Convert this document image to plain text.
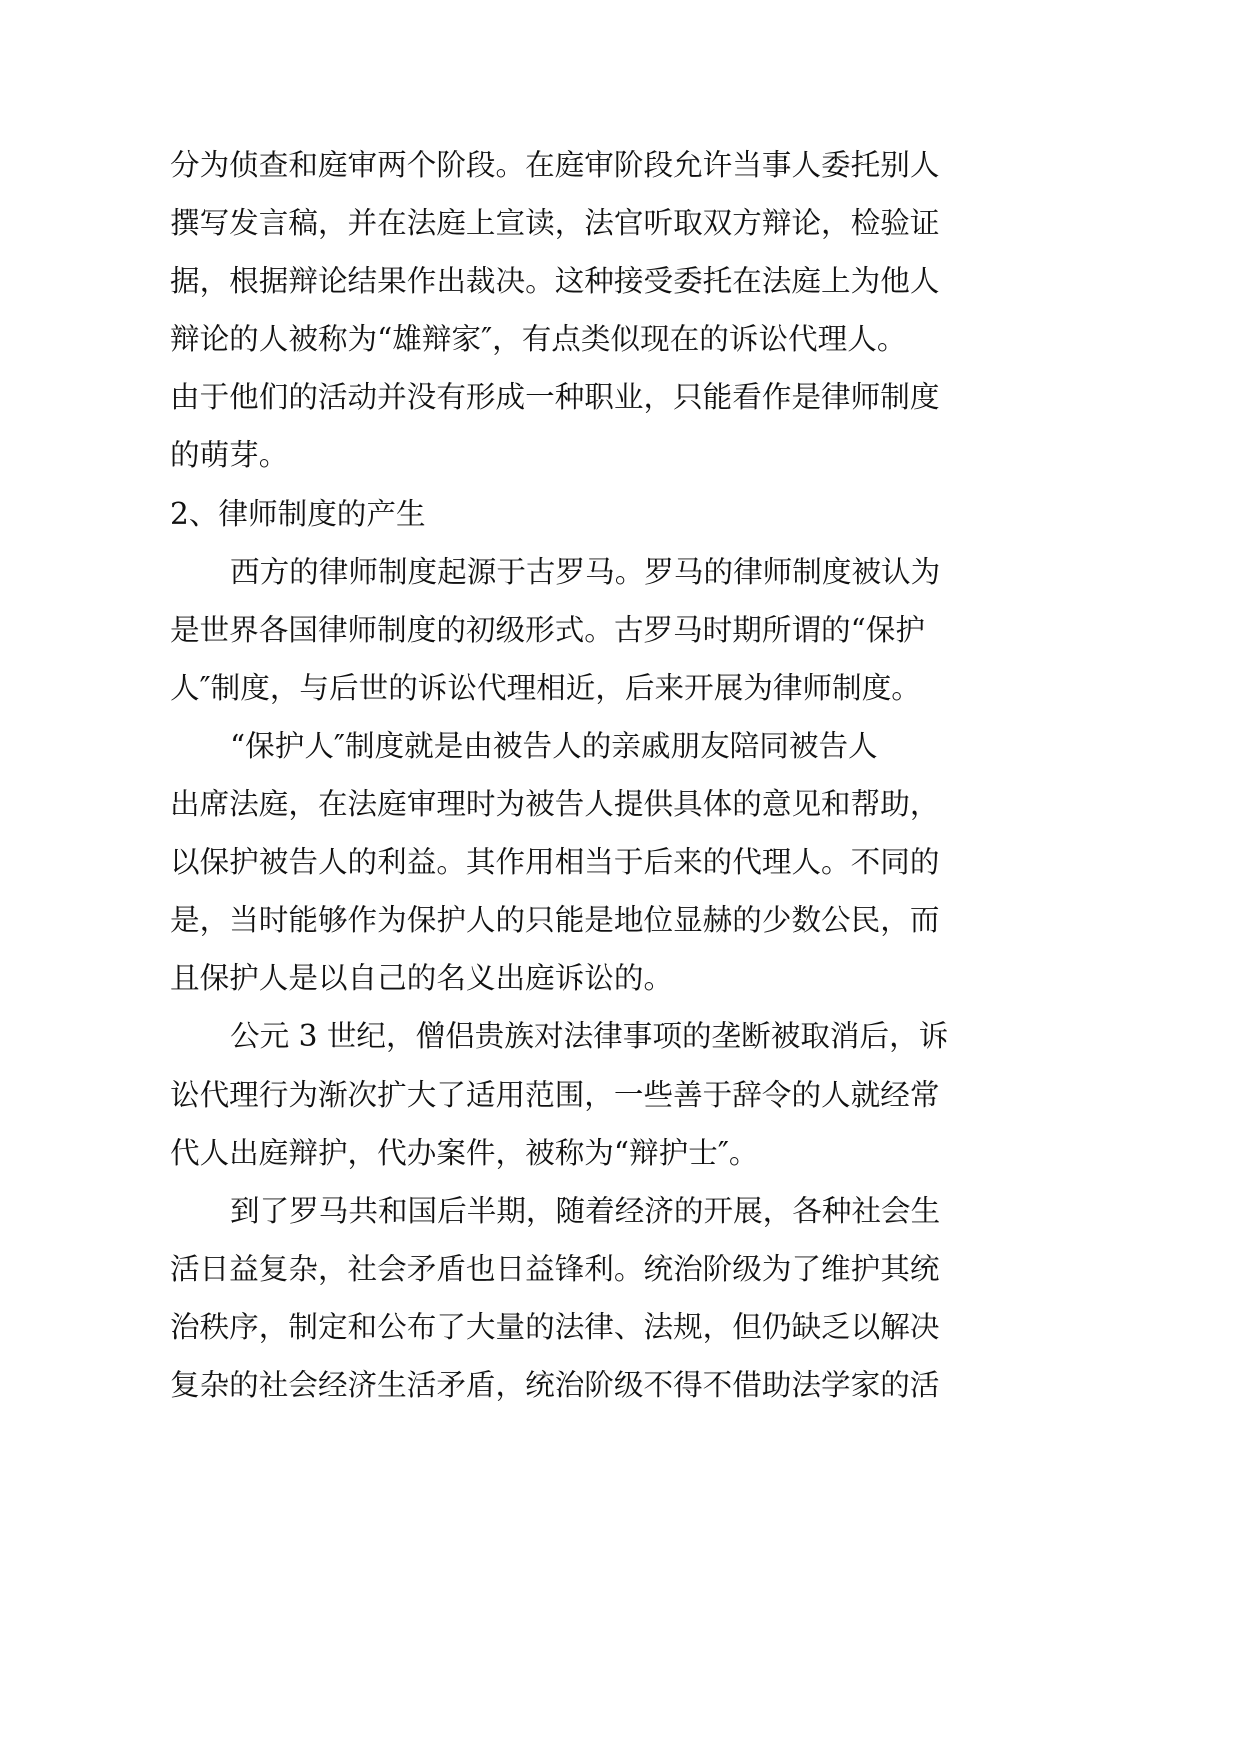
分为侦查和庭审两个阶段。在庭审阶段允许当事人委托别人
撰写发言稿，并在法庭上宣读，法官听取双方辩论，检验证
据，根据辩论结果作出裁决。这种接受委托在法庭上为他人
辩论的人被称为“雄辩家″，有点类似现在的诉讼代理人。
由于他们的活动并没有形成一种职业，只能看作是律师制度
的萌芽。
2、律师制度的产生
西方的律师制度起源于古罗马。罗马的律师制度被认为
是世界各国律师制度的初级形式。古罗马时期所谓的“保护
人″制度，与后世的诉讼代理相近，后来开展为律师制度。
“保护人″制度就是由被告人的亲戚朋友陪同被告人
出席法庭，在法庭审理时为被告人提供具体的意见和帮助，
以保护被告人的利益。其作用相当于后来的代理人。不同的
是，当时能够作为保护人的只能是地位显赫的少数公民，而
且保护人是以自己的名义出庭诉讼的。
公元 3 世纪，僧侣贵族对法律事项的垄断被取消后，诉
讼代理行为渐次扩大了适用范围，一些善于辞令的人就经常
代人出庭辩护，代办案件，被称为“辩护士″。
到了罗马共和国后半期，随着经济的开展，各种社会生
活日益复杂，社会矛盾也日益锋利。统治阶级为了维护其统
治秩序，制定和公布了大量的法律、法规，但仍缺乏以解决
复杂的社会经济生活矛盾，统治阶级不得不借助法学家的活
